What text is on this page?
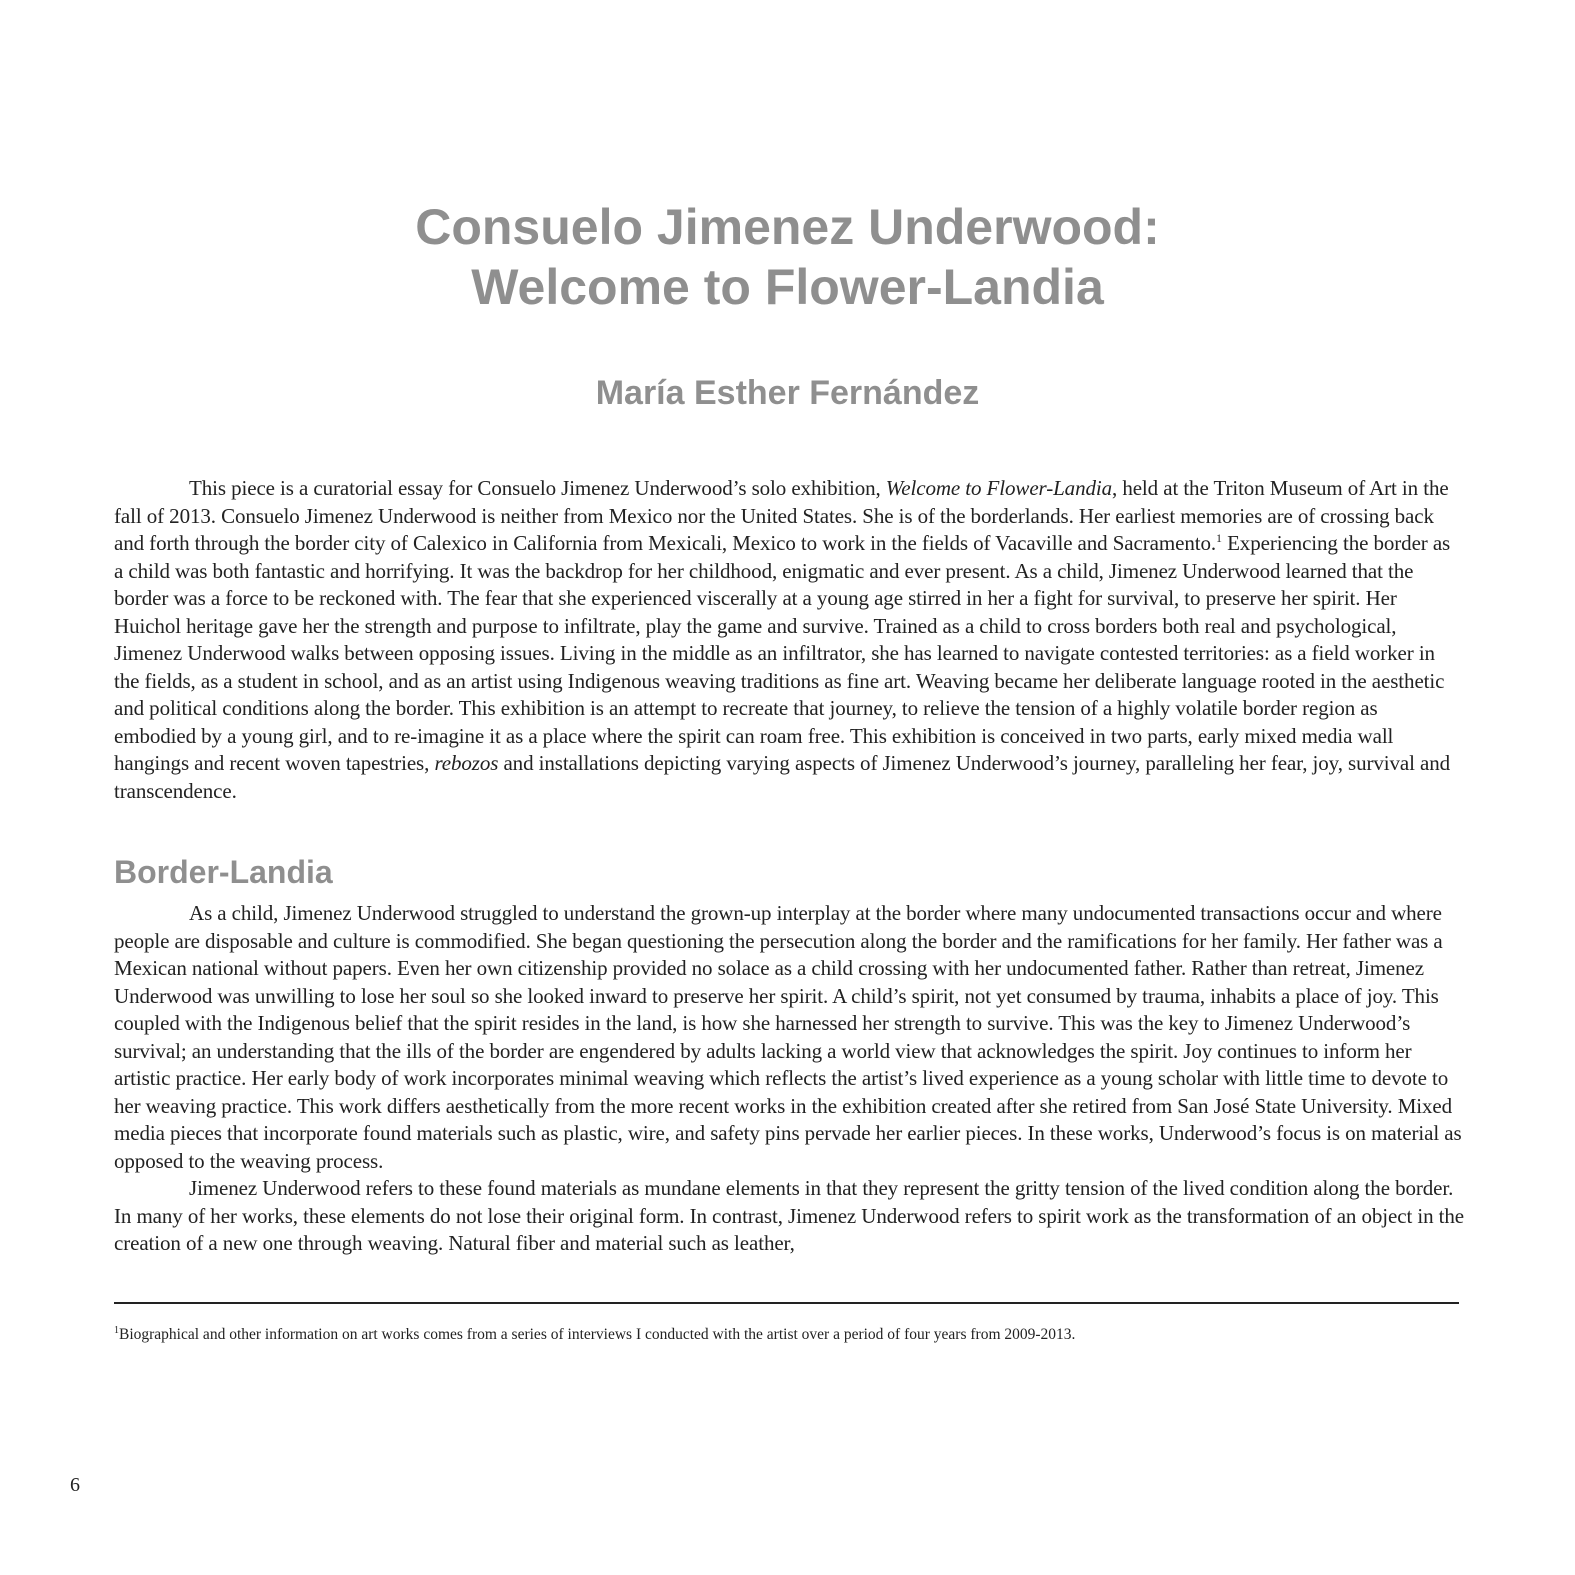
Consuelo Jimenez Underwood:
Welcome to Flower-Landia
María Esther Fernández

This piece is a curatorial essay for Consuelo Jimenez Underwood’s solo exhibition, Welcome to Flower-Landia, held at the Triton Museum of Art in the fall of 2013. Consuelo Jimenez Underwood is neither from Mexico nor the United States. She is of the borderlands. Her earliest memories are of crossing back and forth through the border city of Calexico in California from Mexicali, Mexico to work in the fields of Vacaville and Sacramento.$^1$ Experiencing the border as a child was both fantastic and horrifying. It was the backdrop for her childhood, enigmatic and ever present. As a child, Jimenez Underwood learned that the border was a force to be reckoned with. The fear that she experienced viscerally at a young age stirred in her a fight for survival, to preserve her spirit. Her Huichol heritage gave her the strength and purpose to infiltrate, play the game and survive. Trained as a child to cross borders both real and psychological, Jimenez Underwood walks between opposing issues. Living in the middle as an infiltrator, she has learned to navigate contested territories: as a field worker in the fields, as a student in school, and as an artist using Indigenous weaving traditions as fine art. Weaving became her deliberate language rooted in the aesthetic and political conditions along the border. This exhibition is an attempt to recreate that journey, to relieve the tension of a highly volatile border region as embodied by a young girl, and to re-imagine it as a place where the spirit can roam free. This exhibition is conceived in two parts, early mixed media wall hangings and recent woven tapestries, rebozos and installations depicting varying aspects of Jimenez Underwood’s journey, paralleling her fear, joy, survival and transcendence.

Border-Landia

As a child, Jimenez Underwood struggled to understand the grown-up interplay at the border where many undocumented transactions occur and where people are disposable and culture is commodified. She began questioning the persecution along the border and the ramifications for her family. Her father was a Mexican national without papers. Even her own citizenship provided no solace as a child crossing with her undocumented father. Rather than retreat, Jimenez Underwood was unwilling to lose her soul so she looked inward to preserve her spirit. A child’s spirit, not yet consumed by trauma, inhabits a place of joy. This coupled with the Indigenous belief that the spirit resides in the land, is how she harnessed her strength to survive. This was the key to Jimenez Underwood’s survival; an understanding that the ills of the border are engendered by adults lacking a world view that acknowledges the spirit. Joy continues to inform her artistic practice. Her early body of work incorporates minimal weaving which reflects the artist’s lived experience as a young scholar with little time to devote to her weaving practice. This work differs aesthetically from the more recent works in the exhibition created after she retired from San José State University. Mixed media pieces that incorporate found materials such as plastic, wire, and safety pins pervade her earlier pieces. In these works, Underwood’s focus is on material as opposed to the weaving process.

Jimenez Underwood refers to these found materials as mundane elements in that they represent the gritty tension of the lived condition along the border. In many of her works, these elements do not lose their original form. In contrast, Jimenez Underwood refers to spirit work as the transformation of an object in the creation of a new one through weaving. Natural fiber and material such as leather,

$^1$Biographical and other information on art works comes from a series of interviews I conducted with the artist over a period of four years from 2009-2013.

6
